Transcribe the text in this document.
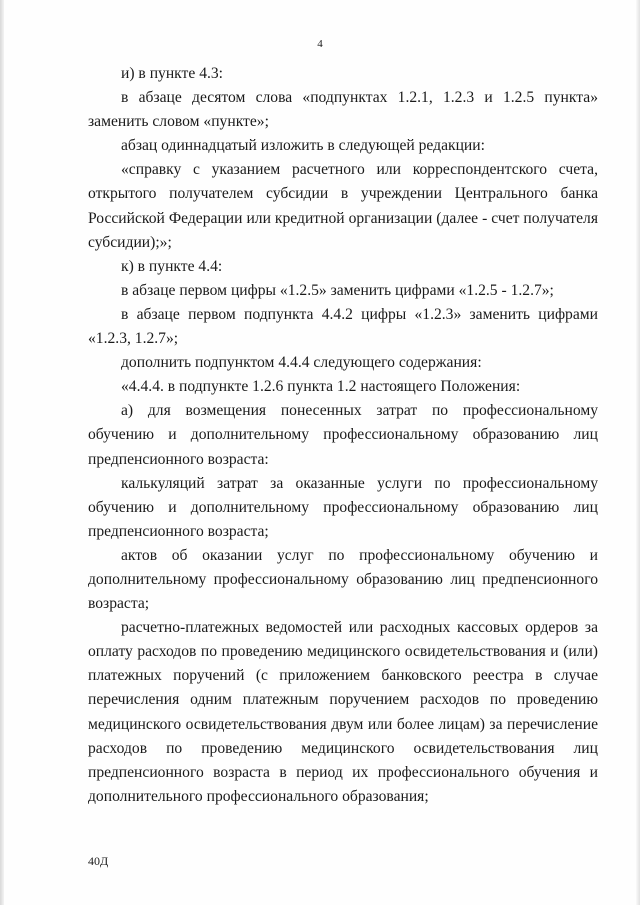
4

и) в пункте 4.3:

в абзаце десятом слова «подпунктах 1.2.1, 1.2.3 и 1.2.5 пункта» заменить словом «пункте»;

абзац одиннадцатый изложить в следующей редакции:

«справку с указанием расчетного или корреспондентского счета, открытого получателем субсидии в учреждении Центрального банка Российской Федерации или кредитной организации (далее - счет получателя субсидии);»;

к) в пункте 4.4:

в абзаце первом цифры «1.2.5» заменить цифрами «1.2.5 - 1.2.7»;

в абзаце первом подпункта 4.4.2 цифры «1.2.3» заменить цифрами «1.2.3, 1.2.7»;

дополнить подпунктом 4.4.4 следующего содержания:

«4.4.4. в подпункте 1.2.6 пункта 1.2 настоящего Положения:

а) для возмещения понесенных затрат по профессиональному обучению и дополнительному профессиональному образованию лиц предпенсионного возраста:

калькуляций затрат за оказанные услуги по профессиональному обучению и дополнительному профессиональному образованию лиц предпенсионного возраста;

актов об оказании услуг по профессиональному обучению и дополнительному профессиональному образованию лиц предпенсионного возраста;

расчетно-платежных ведомостей или расходных кассовых ордеров за оплату расходов по проведению медицинского освидетельствования и (или) платежных поручений (с приложением банковского реестра в случае перечисления одним платежным поручением расходов по проведению медицинского освидетельствования двум или более лицам) за перечисление расходов по проведению медицинского освидетельствования лиц предпенсионного возраста в период их профессионального обучения и дополнительного профессионального образования;

40Д
